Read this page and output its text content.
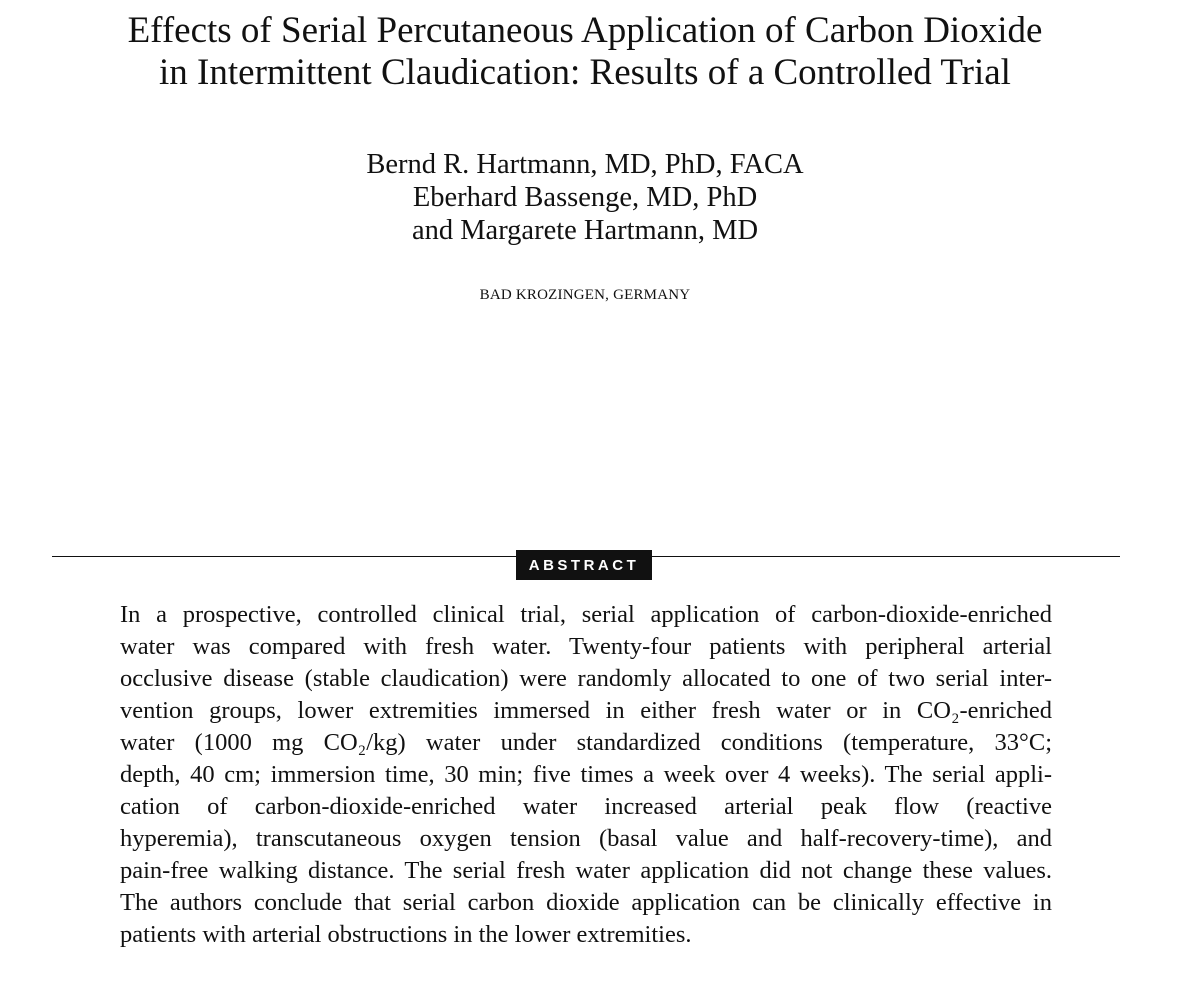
Effects of Serial Percutaneous Application of Carbon Dioxide
in Intermittent Claudication: Results of a Controlled Trial
Bernd R. Hartmann, MD, PhD, FACA
Eberhard Bassenge, MD, PhD
and Margarete Hartmann, MD
BAD KROZINGEN, GERMANY
ABSTRACT
In a prospective, controlled clinical trial, serial application of carbon-dioxide-enriched
water was compared with fresh water. Twenty-four patients with peripheral arterial
occlusive disease (stable claudication) were randomly allocated to one of two serial inter-
vention groups, lower extremities immersed in either fresh water or in CO₂-enriched
water (1000 mg CO₂/kg) water under standardized conditions (temperature, 33°C;
depth, 40 cm; immersion time, 30 min; five times a week over 4 weeks). The serial appli-
cation of carbon-dioxide-enriched water increased arterial peak flow (reactive
hyperemia), transcutaneous oxygen tension (basal value and half-recovery-time), and
pain-free walking distance. The serial fresh water application did not change these values.
The authors conclude that serial carbon dioxide application can be clinically effective in
patients with arterial obstructions in the lower extremities.
